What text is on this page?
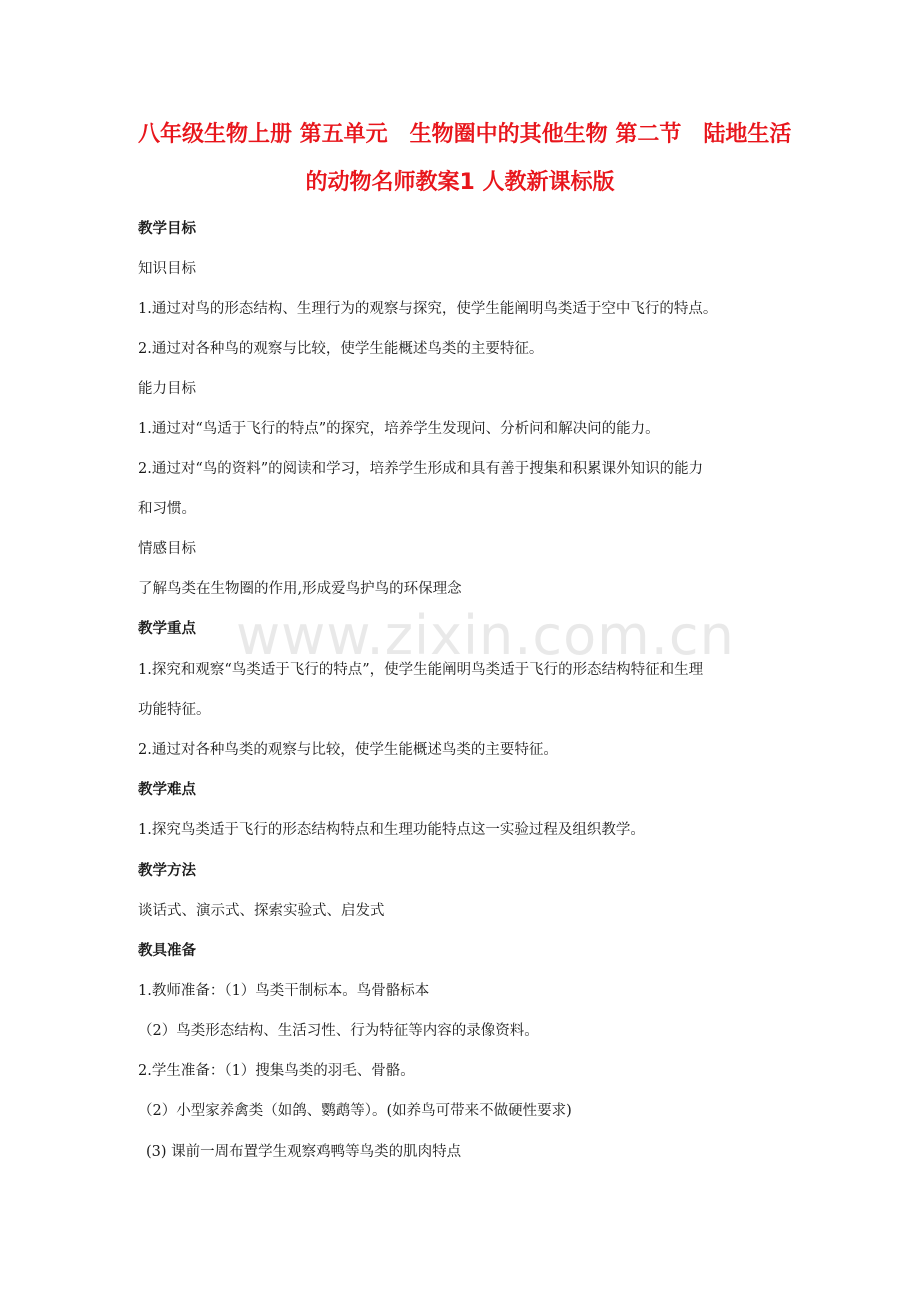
八年级生物上册 第五单元　生物圈中的其他生物 第二节　陆地生活
的动物名师教案1 人教新课标版
www.zixin.com.cn
教学目标
知识目标
1.通过对鸟的形态结构、生理行为的观察与探究，使学生能阐明鸟类适于空中飞行的特点。
2.通过对各种鸟的观察与比较，使学生能概述鸟类的主要特征。
能力目标
1.通过对“鸟适于飞行的特点”的探究，培养学生发现问、分析问和解决问的能力。
2.通过对“鸟的资料”的阅读和学习，培养学生形成和具有善于搜集和积累课外知识的能力
和习惯。
情感目标
了解鸟类在生物圈的作用,形成爱鸟护鸟的环保理念
教学重点
1.探究和观察“鸟类适于飞行的特点”，使学生能阐明鸟类适于飞行的形态结构特征和生理
功能特征。
2.通过对各种鸟类的观察与比较，使学生能概述鸟类的主要特征。
教学难点
1.探究鸟类适于飞行的形态结构特点和生理功能特点这一实验过程及组织教学。
教学方法
谈话式、演示式、探索实验式、启发式
教具准备
1.教师准备：（1）鸟类干制标本。鸟骨骼标本
（2）鸟类形态结构、生活习性、行为特征等内容的录像资料。
2.学生准备：（1）搜集鸟类的羽毛、骨骼。
（2）小型家养禽类（如鸽、鹦鹉等）。(如养鸟可带来不做硬性要求)
(3) 课前一周布置学生观察鸡鸭等鸟类的肌肉特点
